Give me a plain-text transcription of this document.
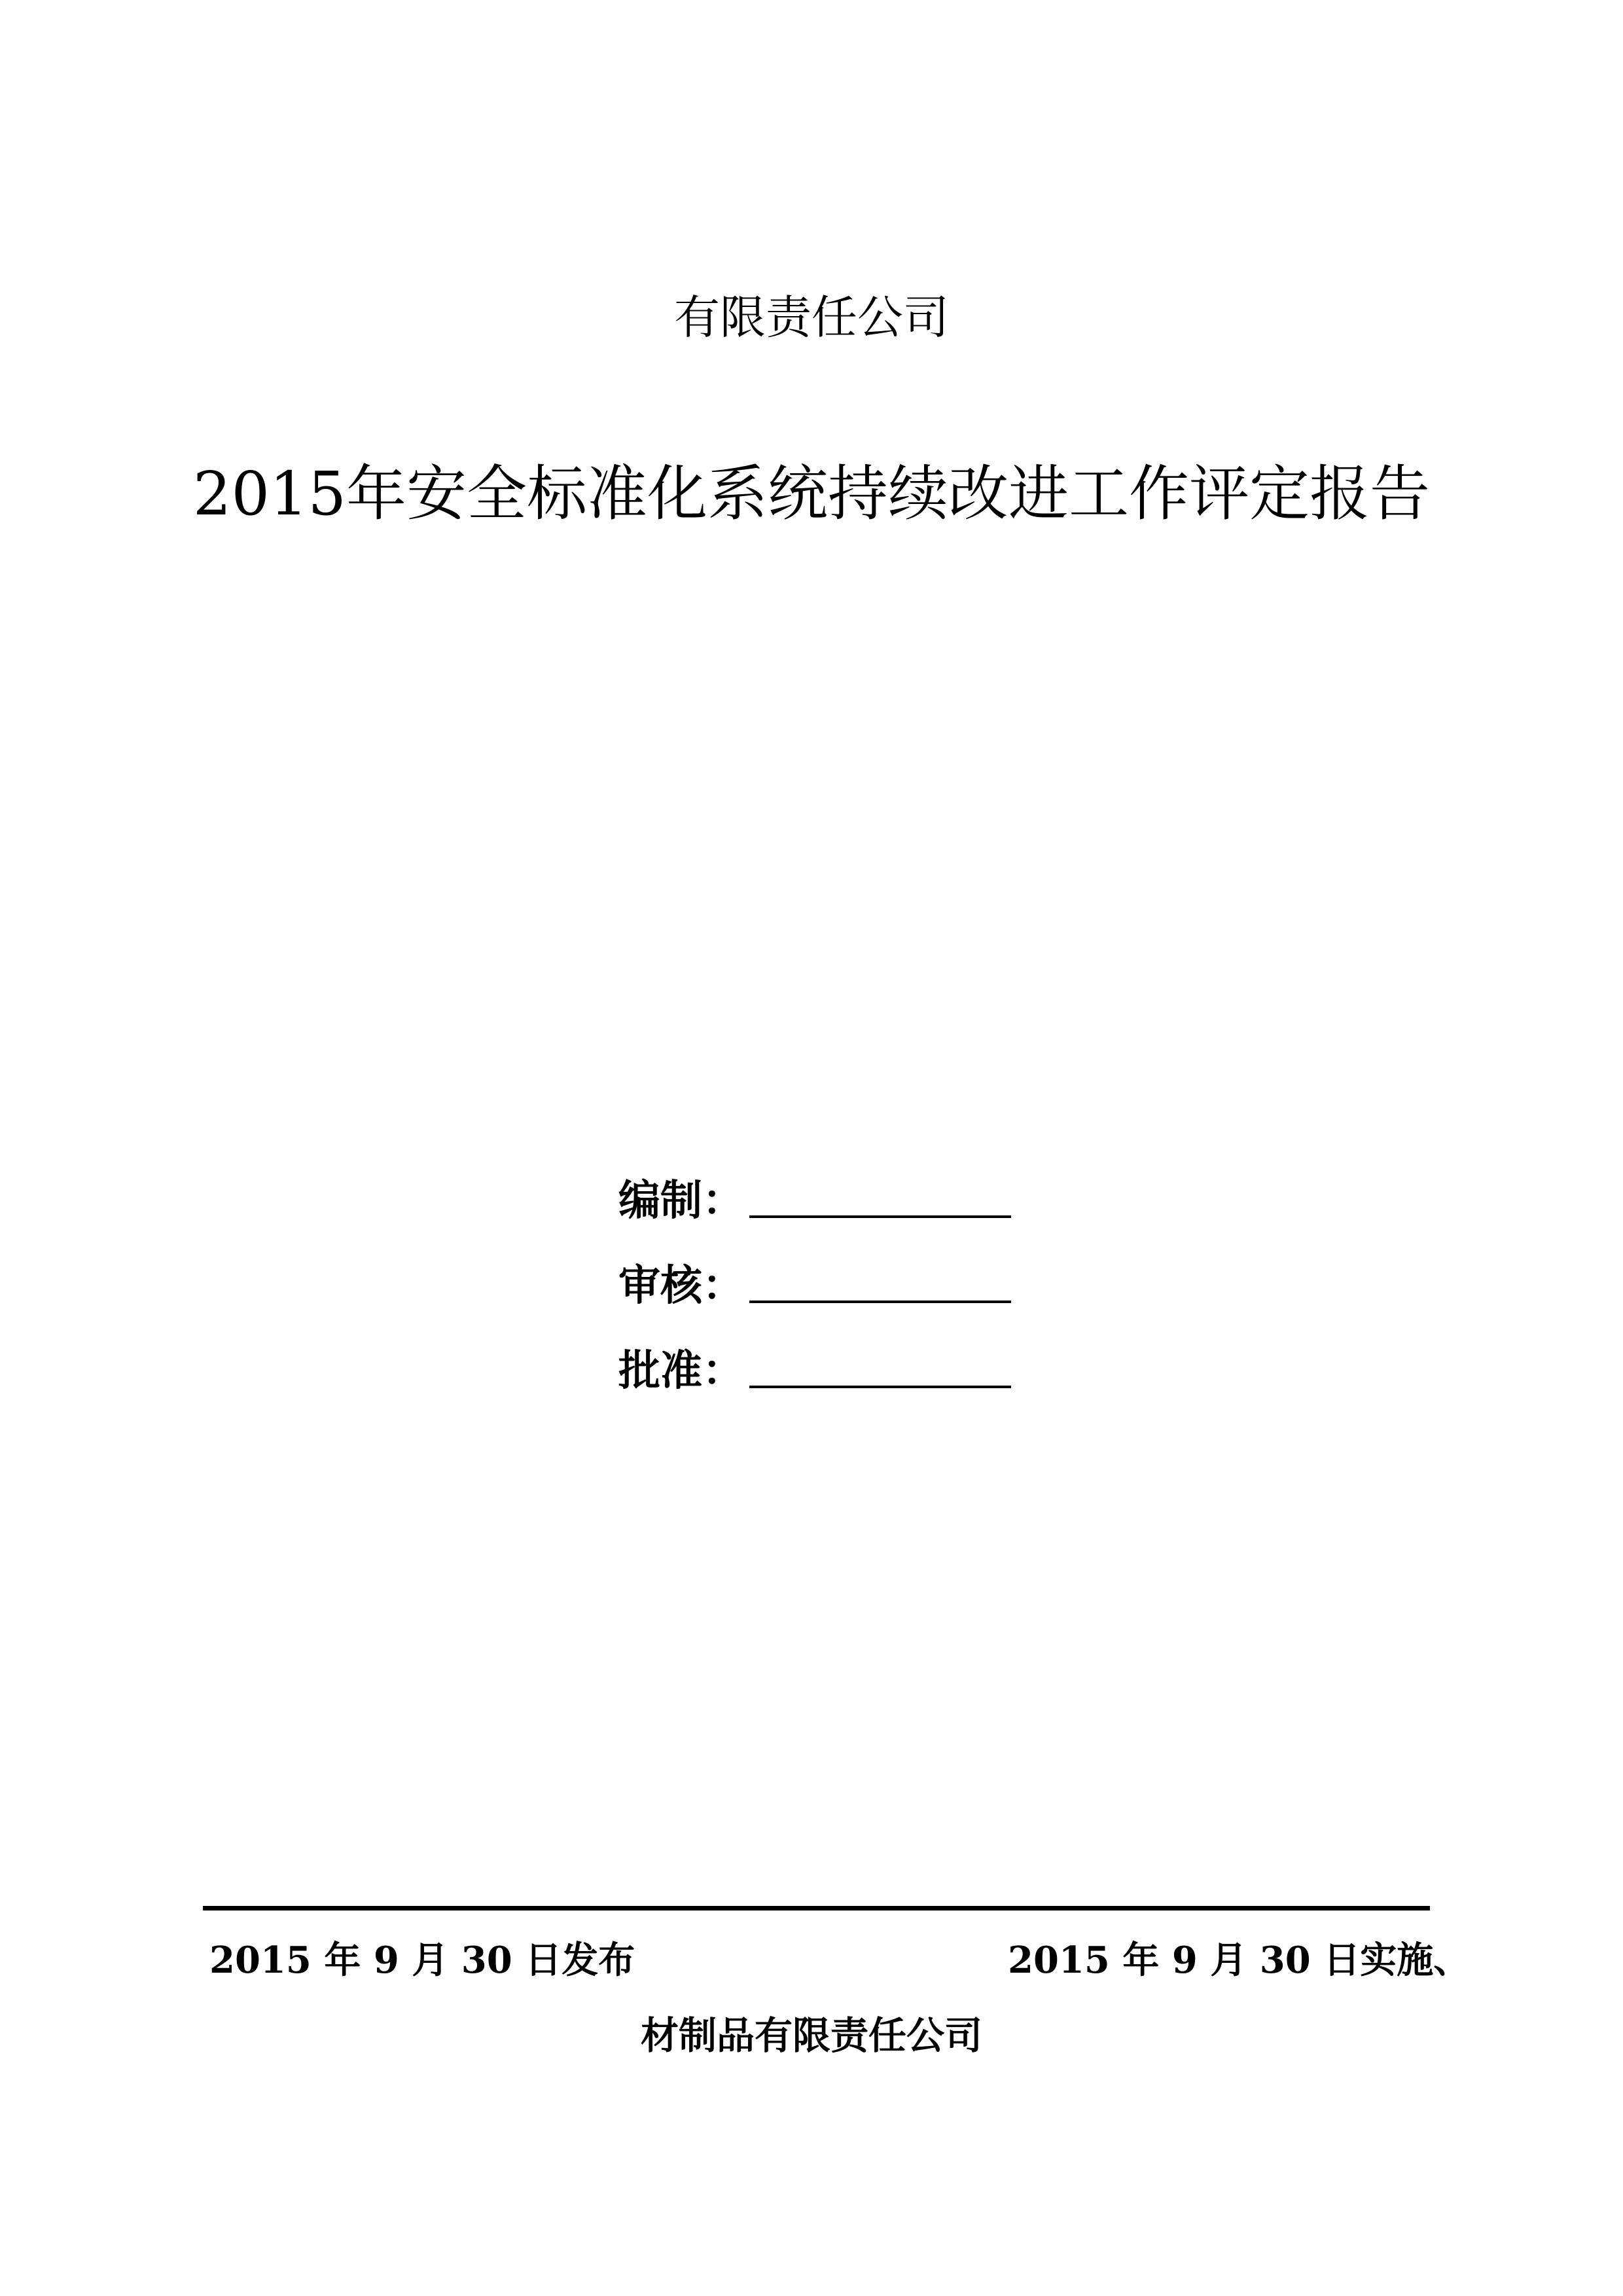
有限责任公司
2015年安全标准化系统持续改进工作评定报告
编制：
审核：
批准：
2015 年 9 月 30 日发布	2015 年 9 月 30 日实施、
材制品有限责任公司
